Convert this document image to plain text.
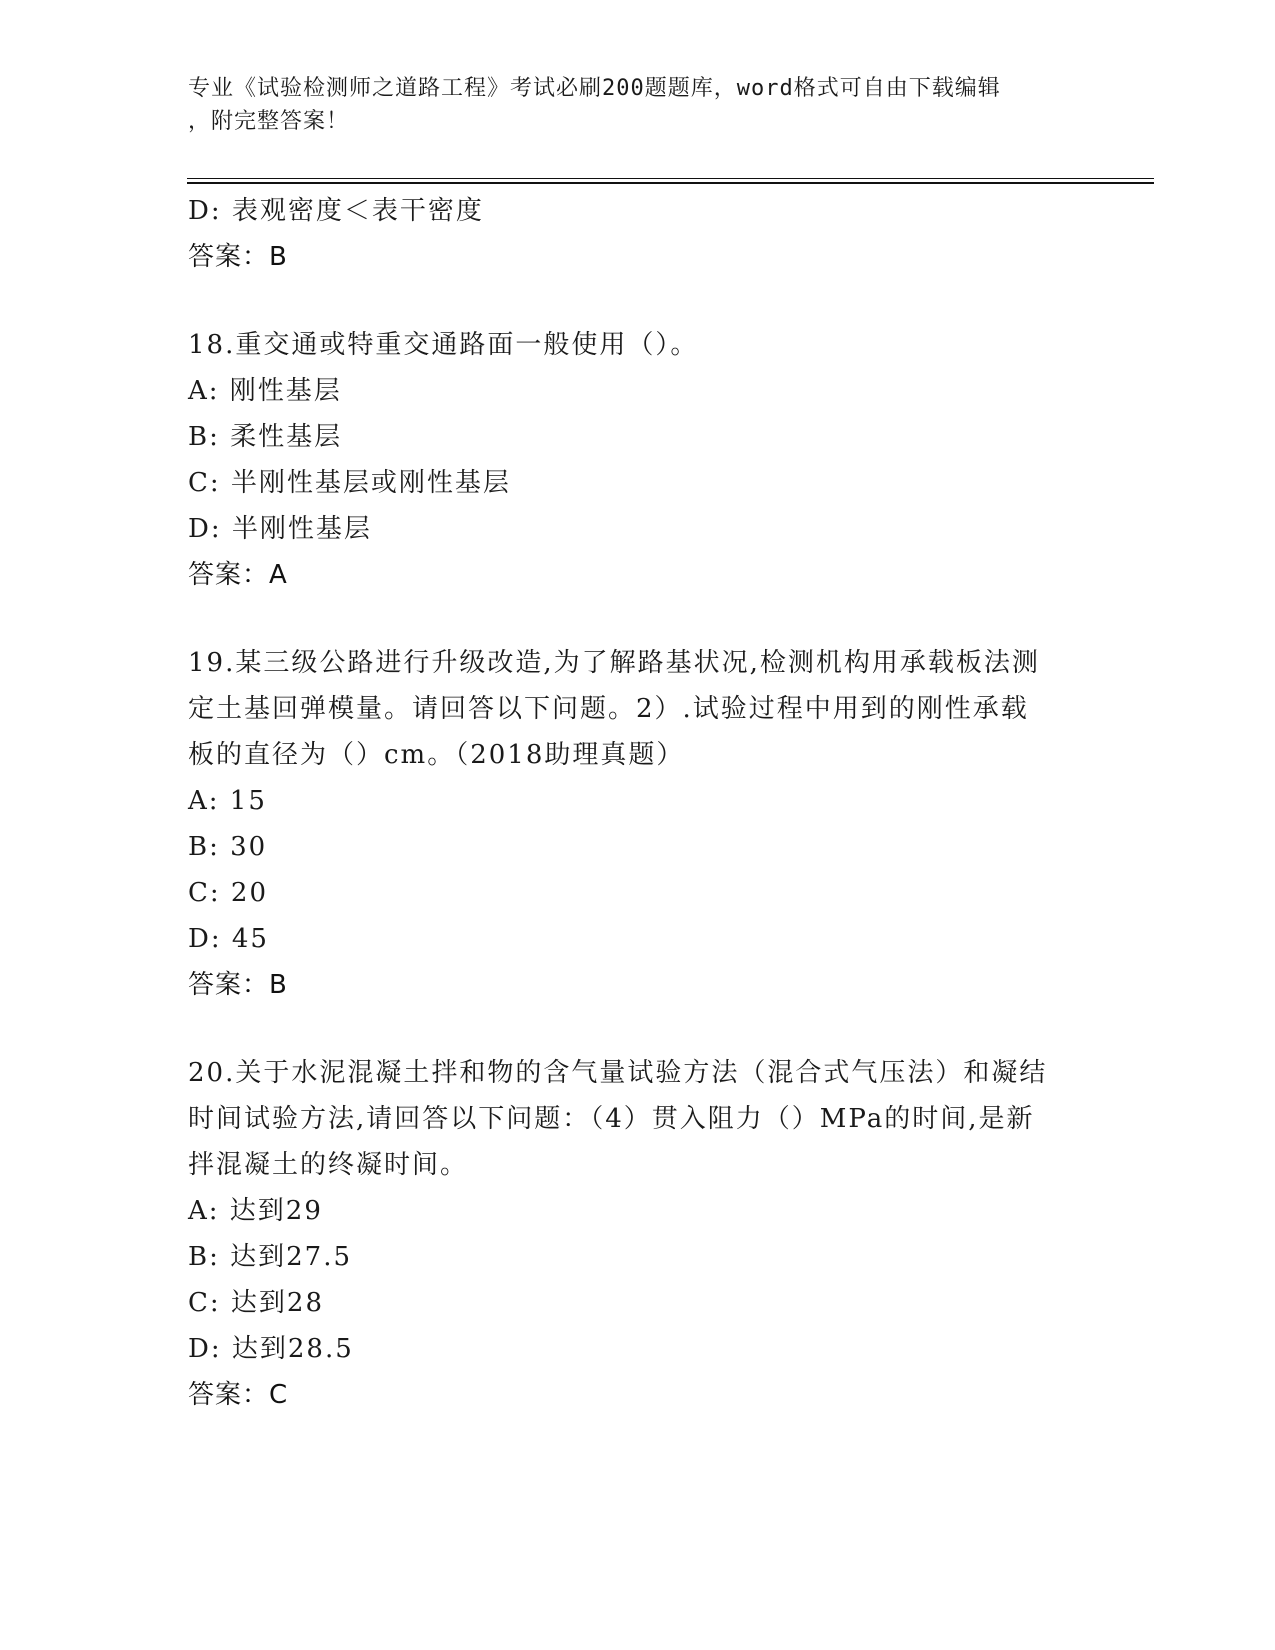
专业《试验检测师之道路工程》考试必刷200题题库，word格式可自由下载编辑
，附完整答案！
D: 表观密度＜表干密度
答案：B
18.重交通或特重交通路面一般使用（）。
A: 刚性基层
B: 柔性基层
C: 半刚性基层或刚性基层
D: 半刚性基层
答案：A
19.某三级公路进行升级改造,为了解路基状况,检测机构用承载板法测
定土基回弹模量。请回答以下问题。2）.试验过程中用到的刚性承载
板的直径为（）cm。（2018助理真题）
A: 15
B: 30
C: 20
D: 45
答案：B
20.关于水泥混凝土拌和物的含气量试验方法（混合式气压法）和凝结
时间试验方法,请回答以下问题：（4）贯入阻力（）MPa的时间,是新
拌混凝土的终凝时间。
A: 达到29
B: 达到27.5
C: 达到28
D: 达到28.5
答案：C
